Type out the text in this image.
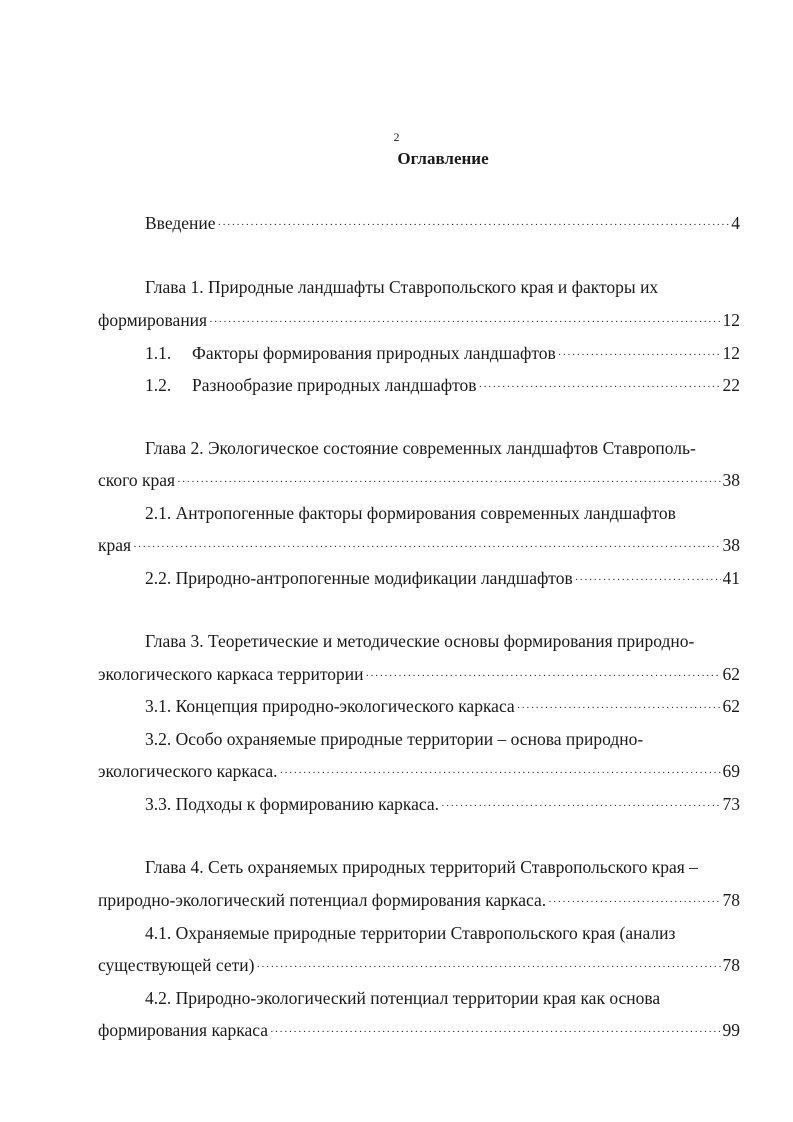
2
Оглавление
Введение ·····	4
Глава 1. Природные ландшафты Ставропольского края и факторы их
формирования ·····	12
1.1. Факторы формирования природных ландшафтов ·····	12
1.2. Разнообразие природных ландшафтов ·····	22
Глава 2. Экологическое состояние современных ландшафтов Ставрополь-
ского края ·····	38
2.1. Антропогенные факторы формирования современных ландшафтов
края ·····	38
2.2. Природно-антропогенные модификации ландшафтов ·····	41
Глава 3. Теоретические и методические основы формирования природно-
экологического каркаса территории ·····	62
3.1. Концепция природно-экологического каркаса ·····	62
3.2. Особо охраняемые природные территории – основа природно-
экологического каркаса. ·····	69
3.3. Подходы к формированию каркаса. ·····	73
Глава 4. Сеть охраняемых природных территорий Ставропольского края –
природно-экологический потенциал формирования каркаса. ·····	78
4.1. Охраняемые природные территории Ставропольского края (анализ
существующей сети) ·····	78
4.2. Природно-экологический потенциал территории края как основа
формирования каркаса ·····	99
